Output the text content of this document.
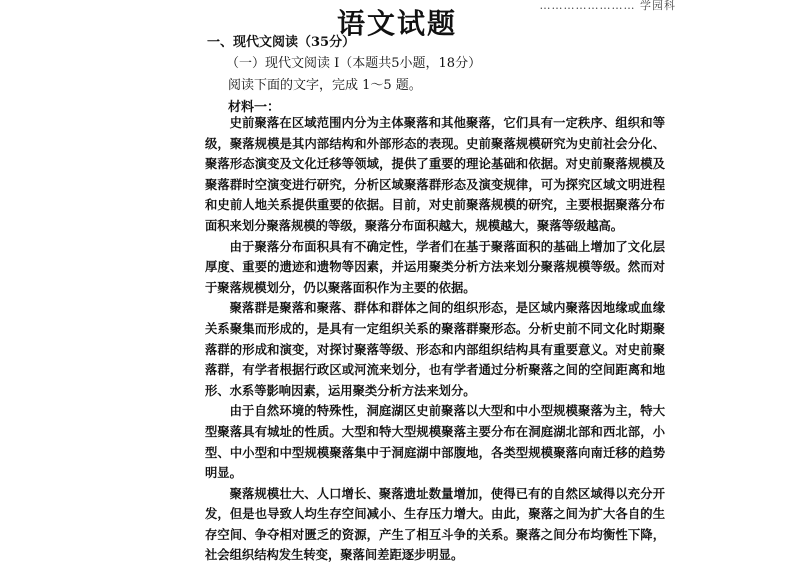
…………………… 学园科
语文试题
一、现代文阅读（35分）
（一）现代文阅读 I（本题共5小题，18分）
阅读下面的文字，完成 1～5 题。
材料一：

史前聚落在区域范围内分为主体聚落和其他聚落，它们具有一定秩序、组织和等级，聚落规模是其内部结构和外部形态的表现。史前聚落规模研究为史前社会分化、聚落形态演变及文化迁移等领域，提供了重要的理论基础和依据。对史前聚落规模及聚落群时空演变进行研究，分析区域聚落群形态及演变规律，可为探究区域文明进程和史前人地关系提供重要的依据。目前，对史前聚落规模的研究，主要根据聚落分布面积来划分聚落规模的等级，聚落分布面积越大，规模越大，聚落等级越高。

由于聚落分布面积具有不确定性，学者们在基于聚落面积的基础上增加了文化层厚度、重要的遗迹和遗物等因素，并运用聚类分析方法来划分聚落规模等级。然而对于聚落规模划分，仍以聚落面积作为主要的依据。

聚落群是聚落和聚落、群体和群体之间的组织形态，是区域内聚落因地缘或血缘关系聚集而形成的，是具有一定组织关系的聚落群聚形态。分析史前不同文化时期聚落群的形成和演变，对探讨聚落等级、形态和内部组织结构具有重要意义。对史前聚落群，有学者根据行政区或河流来划分，也有学者通过分析聚落之间的空间距离和地形、水系等影响因素，运用聚类分析方法来划分。

由于自然环境的特殊性，洞庭湖区史前聚落以大型和中小型规模聚落为主，特大型聚落具有城址的性质。大型和特大型规模聚落主要分布在洞庭湖北部和西北部，小型、中小型和中型规模聚落集中于洞庭湖中部腹地，各类型规模聚落向南迁移的趋势明显。

聚落规模壮大、人口增长、聚落遗址数量增加，使得已有的自然区域得以充分开发，但是也导致人均生存空间减小、生存压力增大。由此，聚落之间为扩大各自的生存空间、争夺相对匮乏的资源，产生了相互斗争的关系。聚落之间分布均衡性下降，社会组织结构发生转变，聚落间差距逐步明显。
